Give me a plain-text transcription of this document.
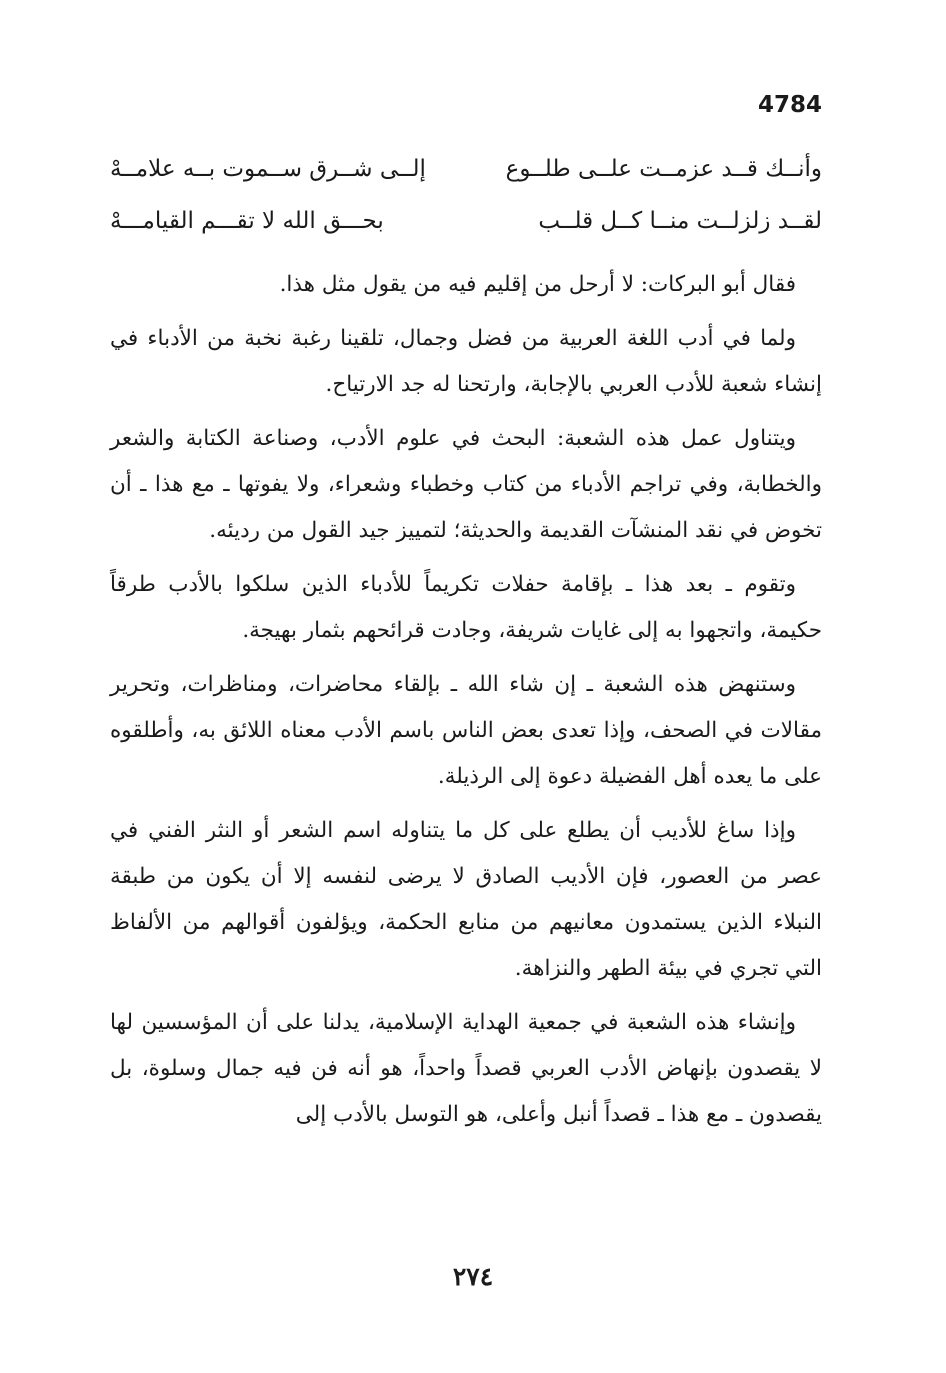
4784
وأنــك قــد عزمــت علــى طلــوع
إلــى شــرق ســموت بــه علامــهْ
لقــد زلزلــت منــا كــل قلــب
بحـــق الله لا تقـــم القيامـــهْ

فقال أبو البركات: لا أرحل من إقليم فيه من يقول مثل هذا.

ولما في أدب اللغة العربية من فضل وجمال، تلقينا رغبة نخبة من الأدباء في إنشاء شعبة للأدب العربي بالإجابة، وارتحنا له جد الارتياح.

ويتناول عمل هذه الشعبة: البحث في علوم الأدب، وصناعة الكتابة والشعر والخطابة، وفي تراجم الأدباء من كتاب وخطباء وشعراء، ولا يفوتها ـ مع هذا ـ أن تخوض في نقد المنشآت القديمة والحديثة؛ لتمييز جيد القول من رديئه.

وتقوم ـ بعد هذا ـ بإقامة حفلات تكريماً للأدباء الذين سلكوا بالأدب طرقاً حكيمة، واتجهوا به إلى غايات شريفة، وجادت قرائحهم بثمار بهيجة.

وستنهض هذه الشعبة ـ إن شاء الله ـ بإلقاء محاضرات، ومناظرات، وتحرير مقالات في الصحف، وإذا تعدى بعض الناس باسم الأدب معناه اللائق به، وأطلقوه على ما يعده أهل الفضيلة دعوة إلى الرذيلة.

وإذا ساغ للأديب أن يطلع على كل ما يتناوله اسم الشعر أو النثر الفني في عصر من العصور، فإن الأديب الصادق لا يرضى لنفسه إلا أن يكون من طبقة النبلاء الذين يستمدون معانيهم من منابع الحكمة، ويؤلفون أقوالهم من الألفاظ التي تجري في بيئة الطهر والنزاهة.

وإنشاء هذه الشعبة في جمعية الهداية الإسلامية، يدلنا على أن المؤسسين لها لا يقصدون بإنهاض الأدب العربي قصداً واحداً، هو أنه فن فيه جمال وسلوة، بل يقصدون ـ مع هذا ـ قصداً أنبل وأعلى، هو التوسل بالأدب إلى

٢٧٤
